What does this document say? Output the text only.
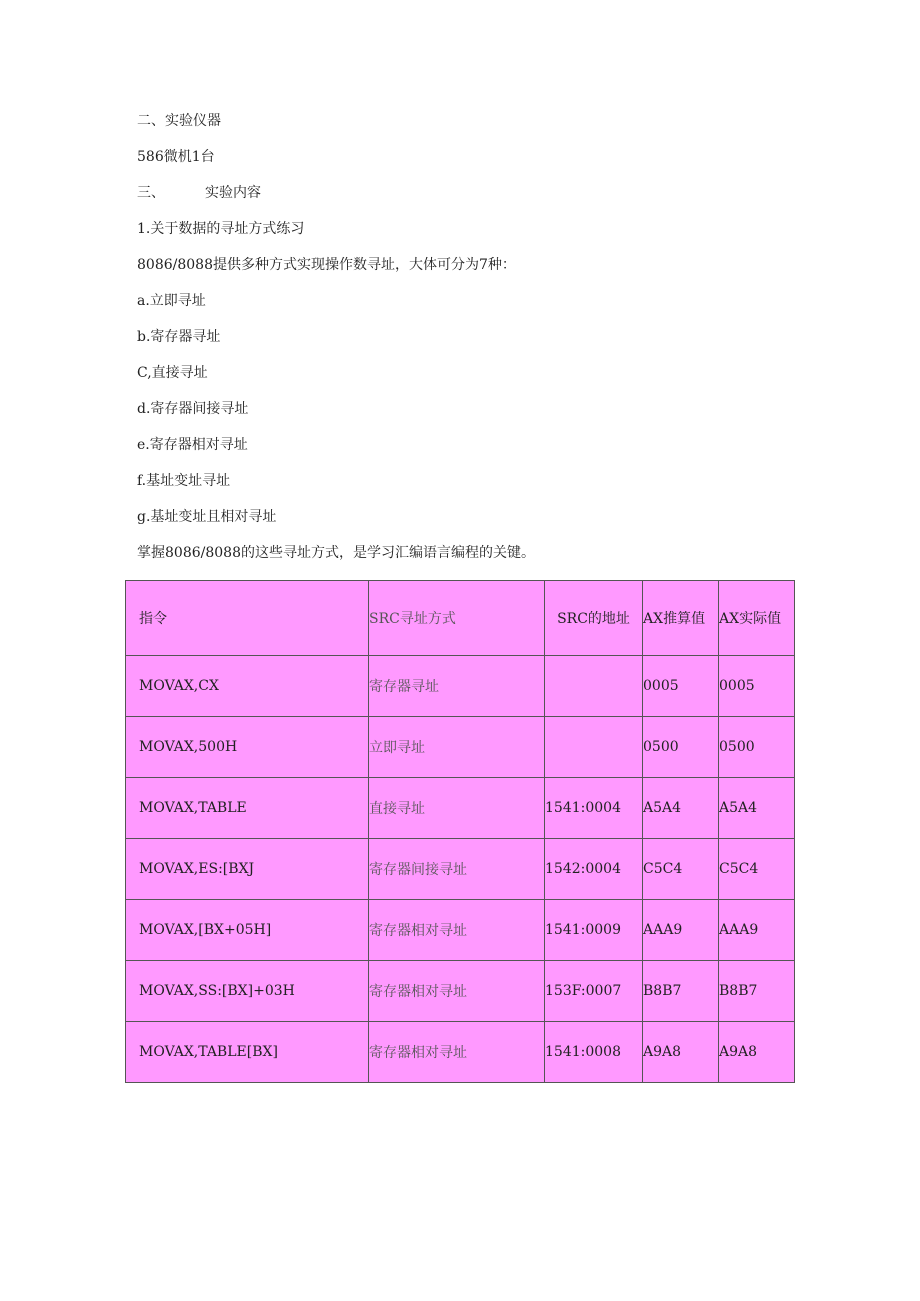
二、实验仪器
586微机1台
三、	实验内容
1.关于数据的寻址方式练习
8086/8088提供多种方式实现操作数寻址，大体可分为7种：
a.立即寻址
b.寄存器寻址
C,直接寻址
d.寄存器间接寻址
e.寄存器相对寻址
f.基址变址寻址
g.基址变址且相对寻址
掌握8086/8088的这些寻址方式，是学习汇编语言编程的关键。
指令	SRC寻址方式	SRC的地址	AX推算值	AX实际值
MOVAX,CX	寄存器寻址		0005	0005
MOVAX,500H	立即寻址		0500	0500
MOVAX,TABLE	直接寻址	1541:0004	A5A4	A5A4
MOVAX,ES:[BXJ	寄存器间接寻址	1542:0004	C5C4	C5C4
MOVAX,[BX+05H]	寄存器相对寻址	1541:0009	AAA9	AAA9
MOVAX,SS:[BX]+03H	寄存器相对寻址	153F:0007	B8B7	B8B7
MOVAX,TABLE[BX]	寄存器相对寻址	1541:0008	A9A8	A9A8
